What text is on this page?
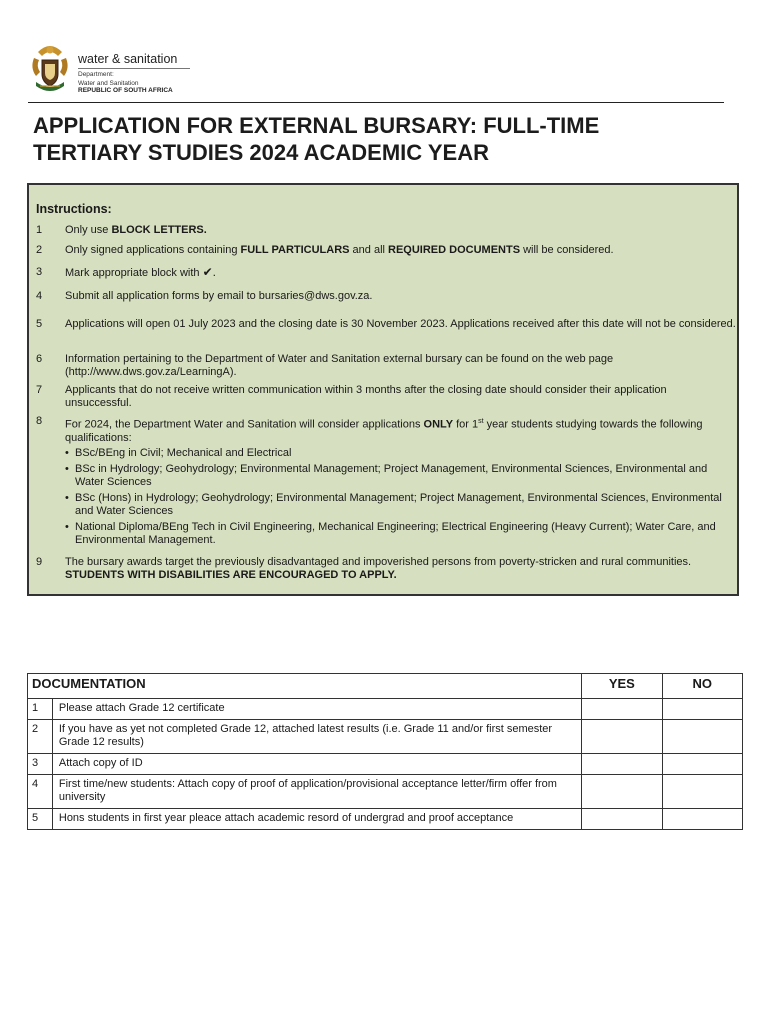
water & sanitation
Department:
Water and Sanitation
REPUBLIC OF SOUTH AFRICA
APPLICATION FOR EXTERNAL BURSARY: FULL-TIME
TERTIARY STUDIES 2024 ACADEMIC YEAR
Instructions:
1	Only use BLOCK LETTERS.
2	Only signed applications containing FULL PARTICULARS and all REQUIRED DOCUMENTS will be considered.
3	Mark appropriate block with ✔.
4	Submit all application forms by email to bursaries@dws.gov.za.
5	Applications will open 01 July 2023 and the closing date is 30 November 2023. Applications received after this date will not be considered.
6	Information pertaining to the Department of Water and Sanitation external bursary can be found on the web page (http://www.dws.gov.za/LearningA).
7	Applicants that do not receive written communication within 3 months after the closing date should consider their application unsuccessful.
8	For 2024, the Department Water and Sanitation will consider applications ONLY for 1st year students studying towards the following qualifications:
• BSc/BEng in Civil; Mechanical and Electrical
• BSc in Hydrology; Geohydrology; Environmental Management; Project Management, Environmental Sciences, Environmental and Water Sciences
• BSc (Hons) in Hydrology; Geohydrology; Environmental Management; Project Management, Environmental Sciences, Environmental and Water Sciences
• National Diploma/BEng Tech in Civil Engineering, Mechanical Engineering; Electrical Engineering (Heavy Current); Water Care, and Environmental Management.
9	The bursary awards target the previously disadvantaged and impoverished persons from poverty-stricken and rural communities. STUDENTS WITH DISABILITIES ARE ENCOURAGED TO APPLY.
DOCUMENTATION		YES	NO
1	Please attach Grade 12 certificate		
2	If you have as yet not completed Grade 12, attached latest results (i.e. Grade 11 and/or first semester Grade 12 results)		
3	Attach copy of ID		
4	First time/new students: Attach copy of proof of application/provisional acceptance letter/firm offer from university		
5	Hons students in first year pleace attach academic resord of undergrad and proof acceptance		
